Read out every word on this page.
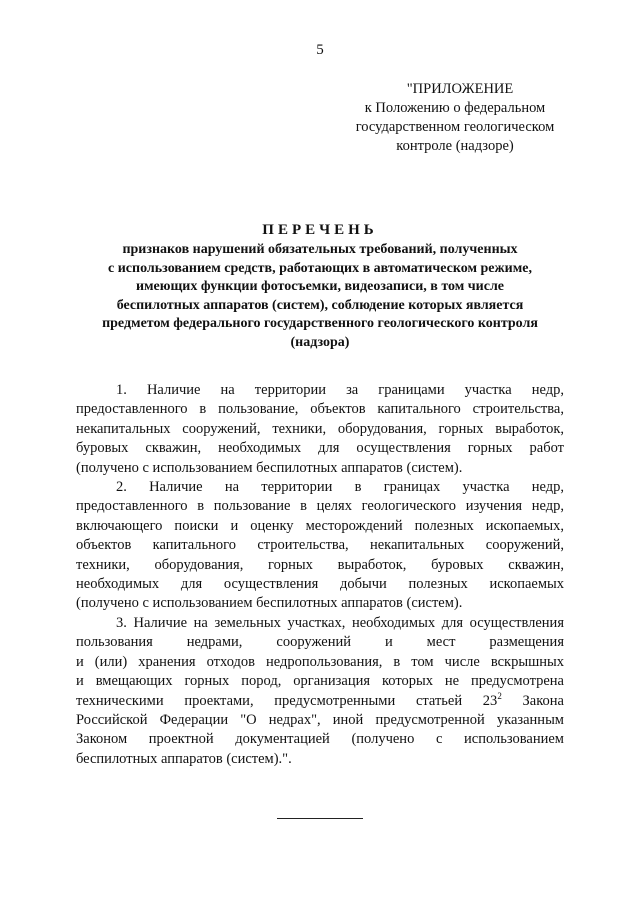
5
"ПРИЛОЖЕНИЕ
к Положению о федеральном
государственном геологическом
контроле (надзоре)
ПЕРЕЧЕНЬ
признаков нарушений обязательных требований, полученных
с использованием средств, работающих в автоматическом режиме,
имеющих функции фотосъемки, видеозаписи, в том числе
беспилотных аппаратов (систем), соблюдение которых является
предметом федерального государственного геологического контроля
(надзора)

1. Наличие на территории за границами участка недр,
предоставленного в пользование, объектов капитального строительства,
некапитальных сооружений, техники, оборудования, горных выработок,
буровых скважин, необходимых для осуществления горных работ
(получено с использованием беспилотных аппаратов (систем).

2. Наличие на территории в границах участка недр,
предоставленного в пользование в целях геологического изучения недр,
включающего поиски и оценку месторождений полезных ископаемых,
объектов капитального строительства, некапитальных сооружений,
техники, оборудования, горных выработок, буровых скважин,
необходимых для осуществления добычи полезных ископаемых
(получено с использованием беспилотных аппаратов (систем).

3. Наличие на земельных участках, необходимых для осуществления
пользования недрами, сооружений и мест размещения
и (или) хранения отходов недропользования, в том числе вскрышных
и вмещающих горных пород, организация которых не предусмотрена
техническими проектами, предусмотренными статьей $23^2$ Закона
Российской Федерации "О недрах", иной предусмотренной указанным
Законом проектной документацией (получено с использованием
беспилотных аппаратов (систем).".
